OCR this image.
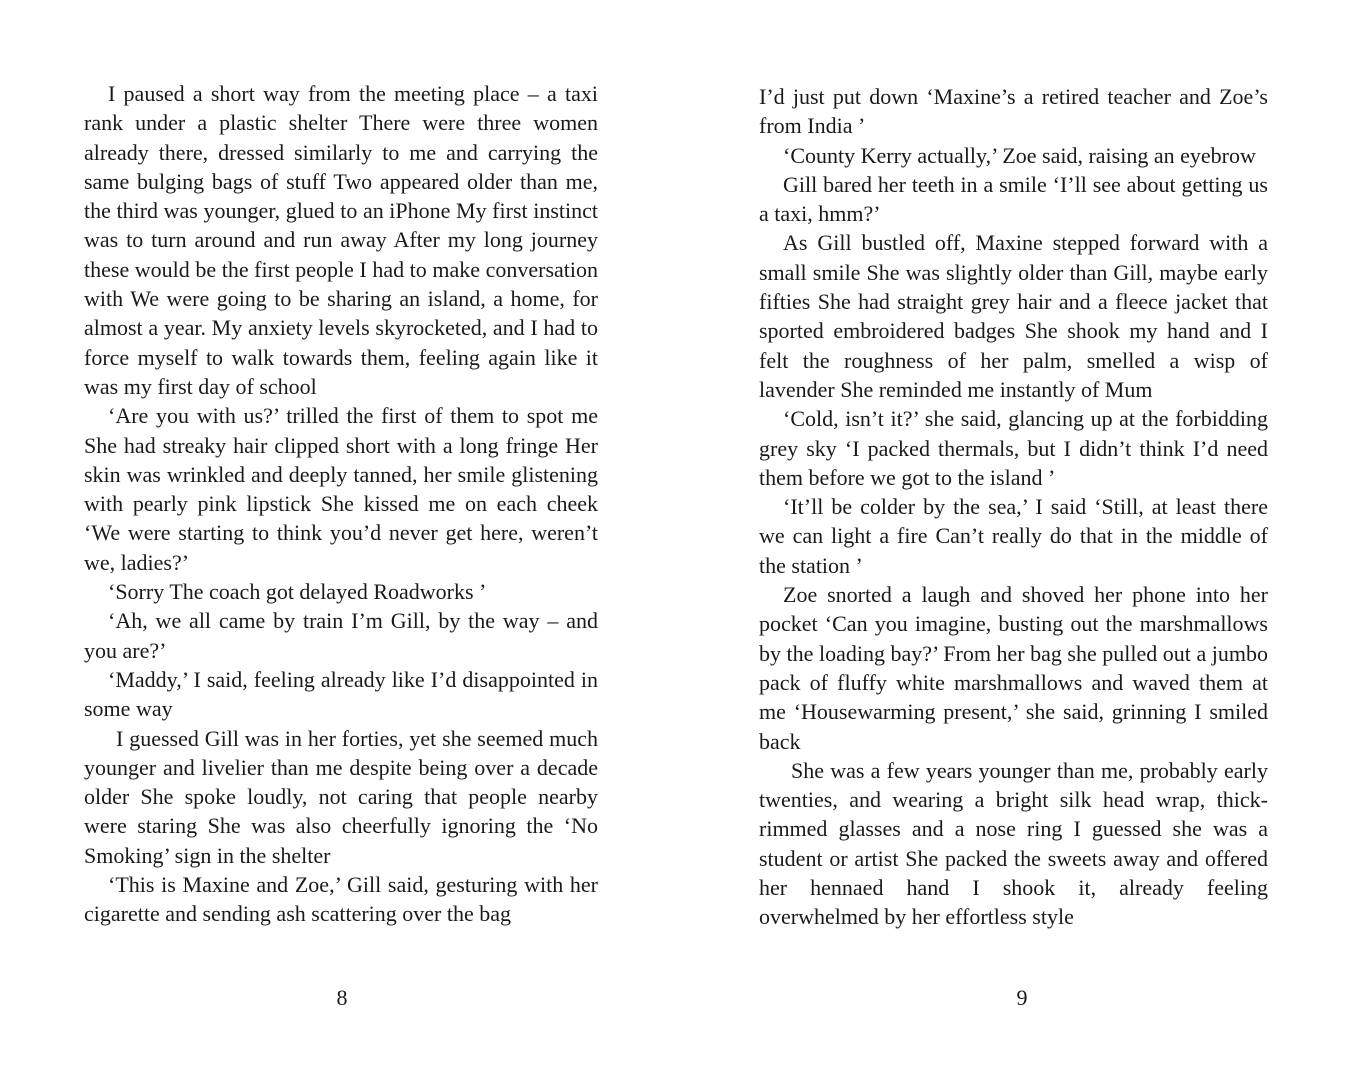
I paused a short way from the meeting place – a taxi rank under a plastic shelter There were three women already there, dressed similarly to me and carrying the same bulging bags of stuff Two appeared older than me, the third was younger, glued to an iPhone My first instinct was to turn around and run away After my long journey these would be the first people I had to make conversation with We were going to be sharing an island, a home, for almost a year. My anxiety levels skyrocketed, and I had to force myself to walk towards them, feeling again like it was my first day of school

‘Are you with us?’ trilled the first of them to spot me She had streaky hair clipped short with a long fringe Her skin was wrinkled and deeply tanned, her smile glistening with pearly pink lipstick She kissed me on each cheek ‘We were starting to think you’d never get here, weren’t we, ladies?’

‘Sorry The coach got delayed Roadworks ’

‘Ah, we all came by train I’m Gill, by the way – and you are?’

‘Maddy,’ I said, feeling already like I’d disappointed in some way

I guessed Gill was in her forties, yet she seemed much younger and livelier than me despite being over a decade older She spoke loudly, not caring that people nearby were staring She was also cheerfully ignoring the ‘No Smoking’ sign in the shelter

‘This is Maxine and Zoe,’ Gill said, gesturing with her cigarette and sending ash scattering over the bag

8

I’d just put down ‘Maxine’s a retired teacher and Zoe’s from India ’

‘County Kerry actually,’ Zoe said, raising an eyebrow

Gill bared her teeth in a smile ‘I’ll see about getting us a taxi, hmm?’

As Gill bustled off, Maxine stepped forward with a small smile She was slightly older than Gill, maybe early fifties She had straight grey hair and a fleece jacket that sported embroidered badges She shook my hand and I felt the roughness of her palm, smelled a wisp of lavender She reminded me instantly of Mum

‘Cold, isn’t it?’ she said, glancing up at the forbidding grey sky ‘I packed thermals, but I didn’t think I’d need them before we got to the island ’

‘It’ll be colder by the sea,’ I said ‘Still, at least there we can light a fire Can’t really do that in the middle of the station ’

Zoe snorted a laugh and shoved her phone into her pocket ‘Can you imagine, busting out the marshmallows by the loading bay?’ From her bag she pulled out a jumbo pack of fluffy white marshmallows and waved them at me ‘Housewarming present,’ she said, grinning I smiled back

She was a few years younger than me, probably early twenties, and wearing a bright silk head wrap, thick-rimmed glasses and a nose ring I guessed she was a student or artist She packed the sweets away and offered her hennaed hand I shook it, already feeling overwhelmed by her effortless style

9
